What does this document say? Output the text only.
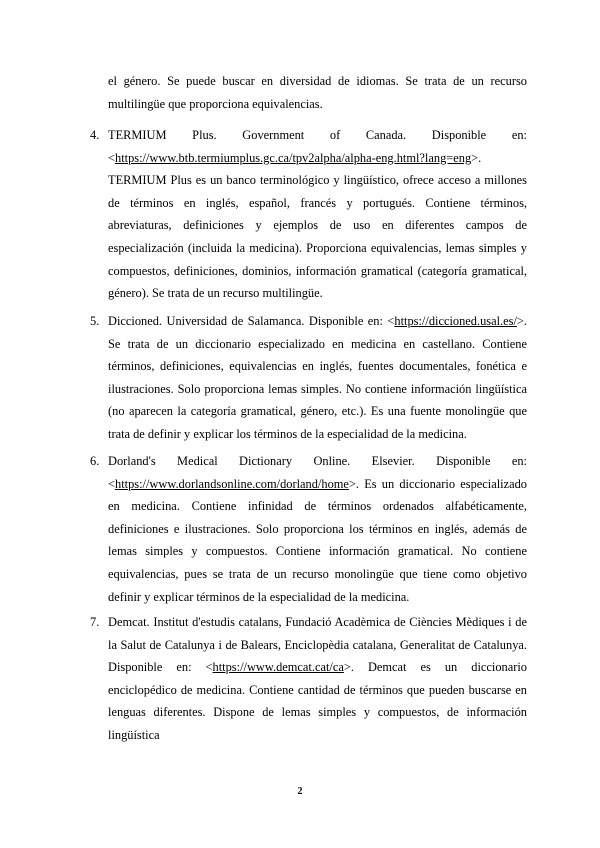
el género. Se puede buscar en diversidad de idiomas. Se trata de un recurso multilingüe que proporciona equivalencias.
4. TERMIUM Plus. Government of Canada. Disponible en:
<https://www.btb.termiumplus.gc.ca/tpv2alpha/alpha-eng.html?lang=eng>.
TERMIUM Plus es un banco terminológico y lingüístico, ofrece acceso a millones de términos en inglés, español, francés y portugués. Contiene términos, abreviaturas, definiciones y ejemplos de uso en diferentes campos de especialización (incluida la medicina). Proporciona equivalencias, lemas simples y compuestos, definiciones, dominios, información gramatical (categoría gramatical, género). Se trata de un recurso multilingüe.
5. Diccioned. Universidad de Salamanca. Disponible en: <https://diccioned.usal.es/>. Se trata de un diccionario especializado en medicina en castellano. Contiene términos, definiciones, equivalencias en inglés, fuentes documentales, fonética e ilustraciones. Solo proporciona lemas simples. No contiene información lingüística (no aparecen la categoría gramatical, género, etc.). Es una fuente monolingüe que trata de definir y explicar los términos de la especialidad de la medicina.
6. Dorland's Medical Dictionary Online. Elsevier. Disponible en:
<https://www.dorlandsonline.com/dorland/home>. Es un diccionario especializado en medicina. Contiene infinidad de términos ordenados alfabéticamente, definiciones e ilustraciones. Solo proporciona los términos en inglés, además de lemas simples y compuestos. Contiene información gramatical. No contiene equivalencias, pues se trata de un recurso monolingüe que tiene como objetivo definir y explicar términos de la especialidad de la medicina.
7. Demcat. Institut d'estudis catalans, Fundació Acadèmica de Ciències Mèdiques i de la Salut de Catalunya i de Balears, Enciclopèdia catalana, Generalitat de Catalunya. Disponible en: <https://www.demcat.cat/ca>. Demcat es un diccionario enciclopédico de medicina. Contiene cantidad de términos que pueden buscarse en lenguas diferentes. Dispone de lemas simples y compuestos, de información lingüística
2
